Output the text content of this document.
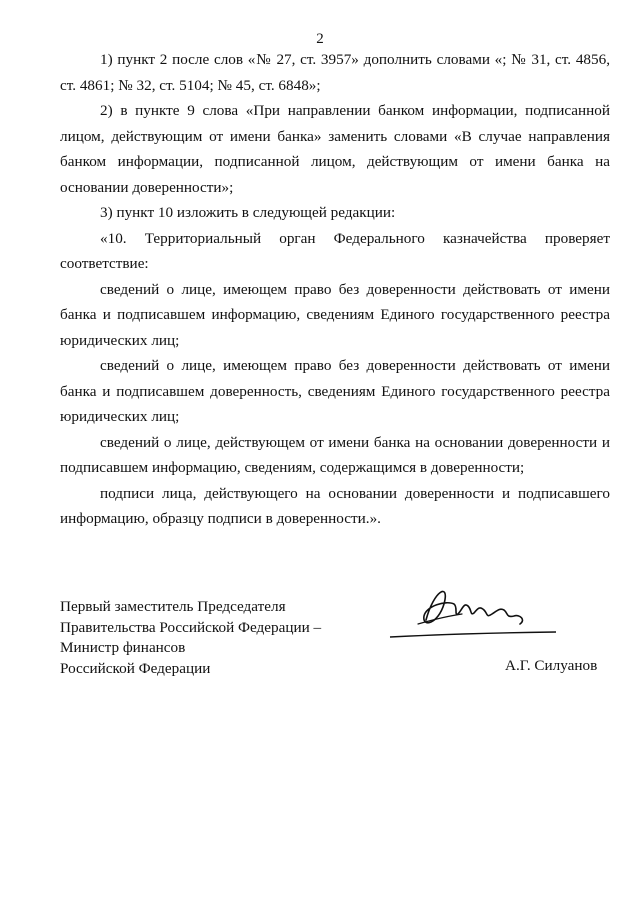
2

1) пункт 2 после слов «№ 27, ст. 3957» дополнить словами «; № 31, ст. 4856, ст. 4861; № 32, ст. 5104; № 45, ст. 6848»;

2) в пункте 9 слова «При направлении банком информации, подписанной лицом, действующим от имени банка» заменить словами «В случае направления банком информации, подписанной лицом, действующим от имени банка на основании доверенности»;

3) пункт 10 изложить в следующей редакции:

«10. Территориальный орган Федерального казначейства проверяет соответствие:

сведений о лице, имеющем право без доверенности действовать от имени банка и подписавшем информацию, сведениям Единого государственного реестра юридических лиц;

сведений о лице, имеющем право без доверенности действовать от имени банка и подписавшем доверенность, сведениям Единого государственного реестра юридических лиц;

сведений о лице, действующем от имени банка на основании доверенности и подписавшем информацию, сведениям, содержащимся в доверенности;

подписи лица, действующего на основании доверенности и подписавшего информацию, образцу подписи в доверенности.».

Первый заместитель Председателя
Правительства Российской Федерации –
Министр финансов
Российской Федерации	А.Г. Силуанов
